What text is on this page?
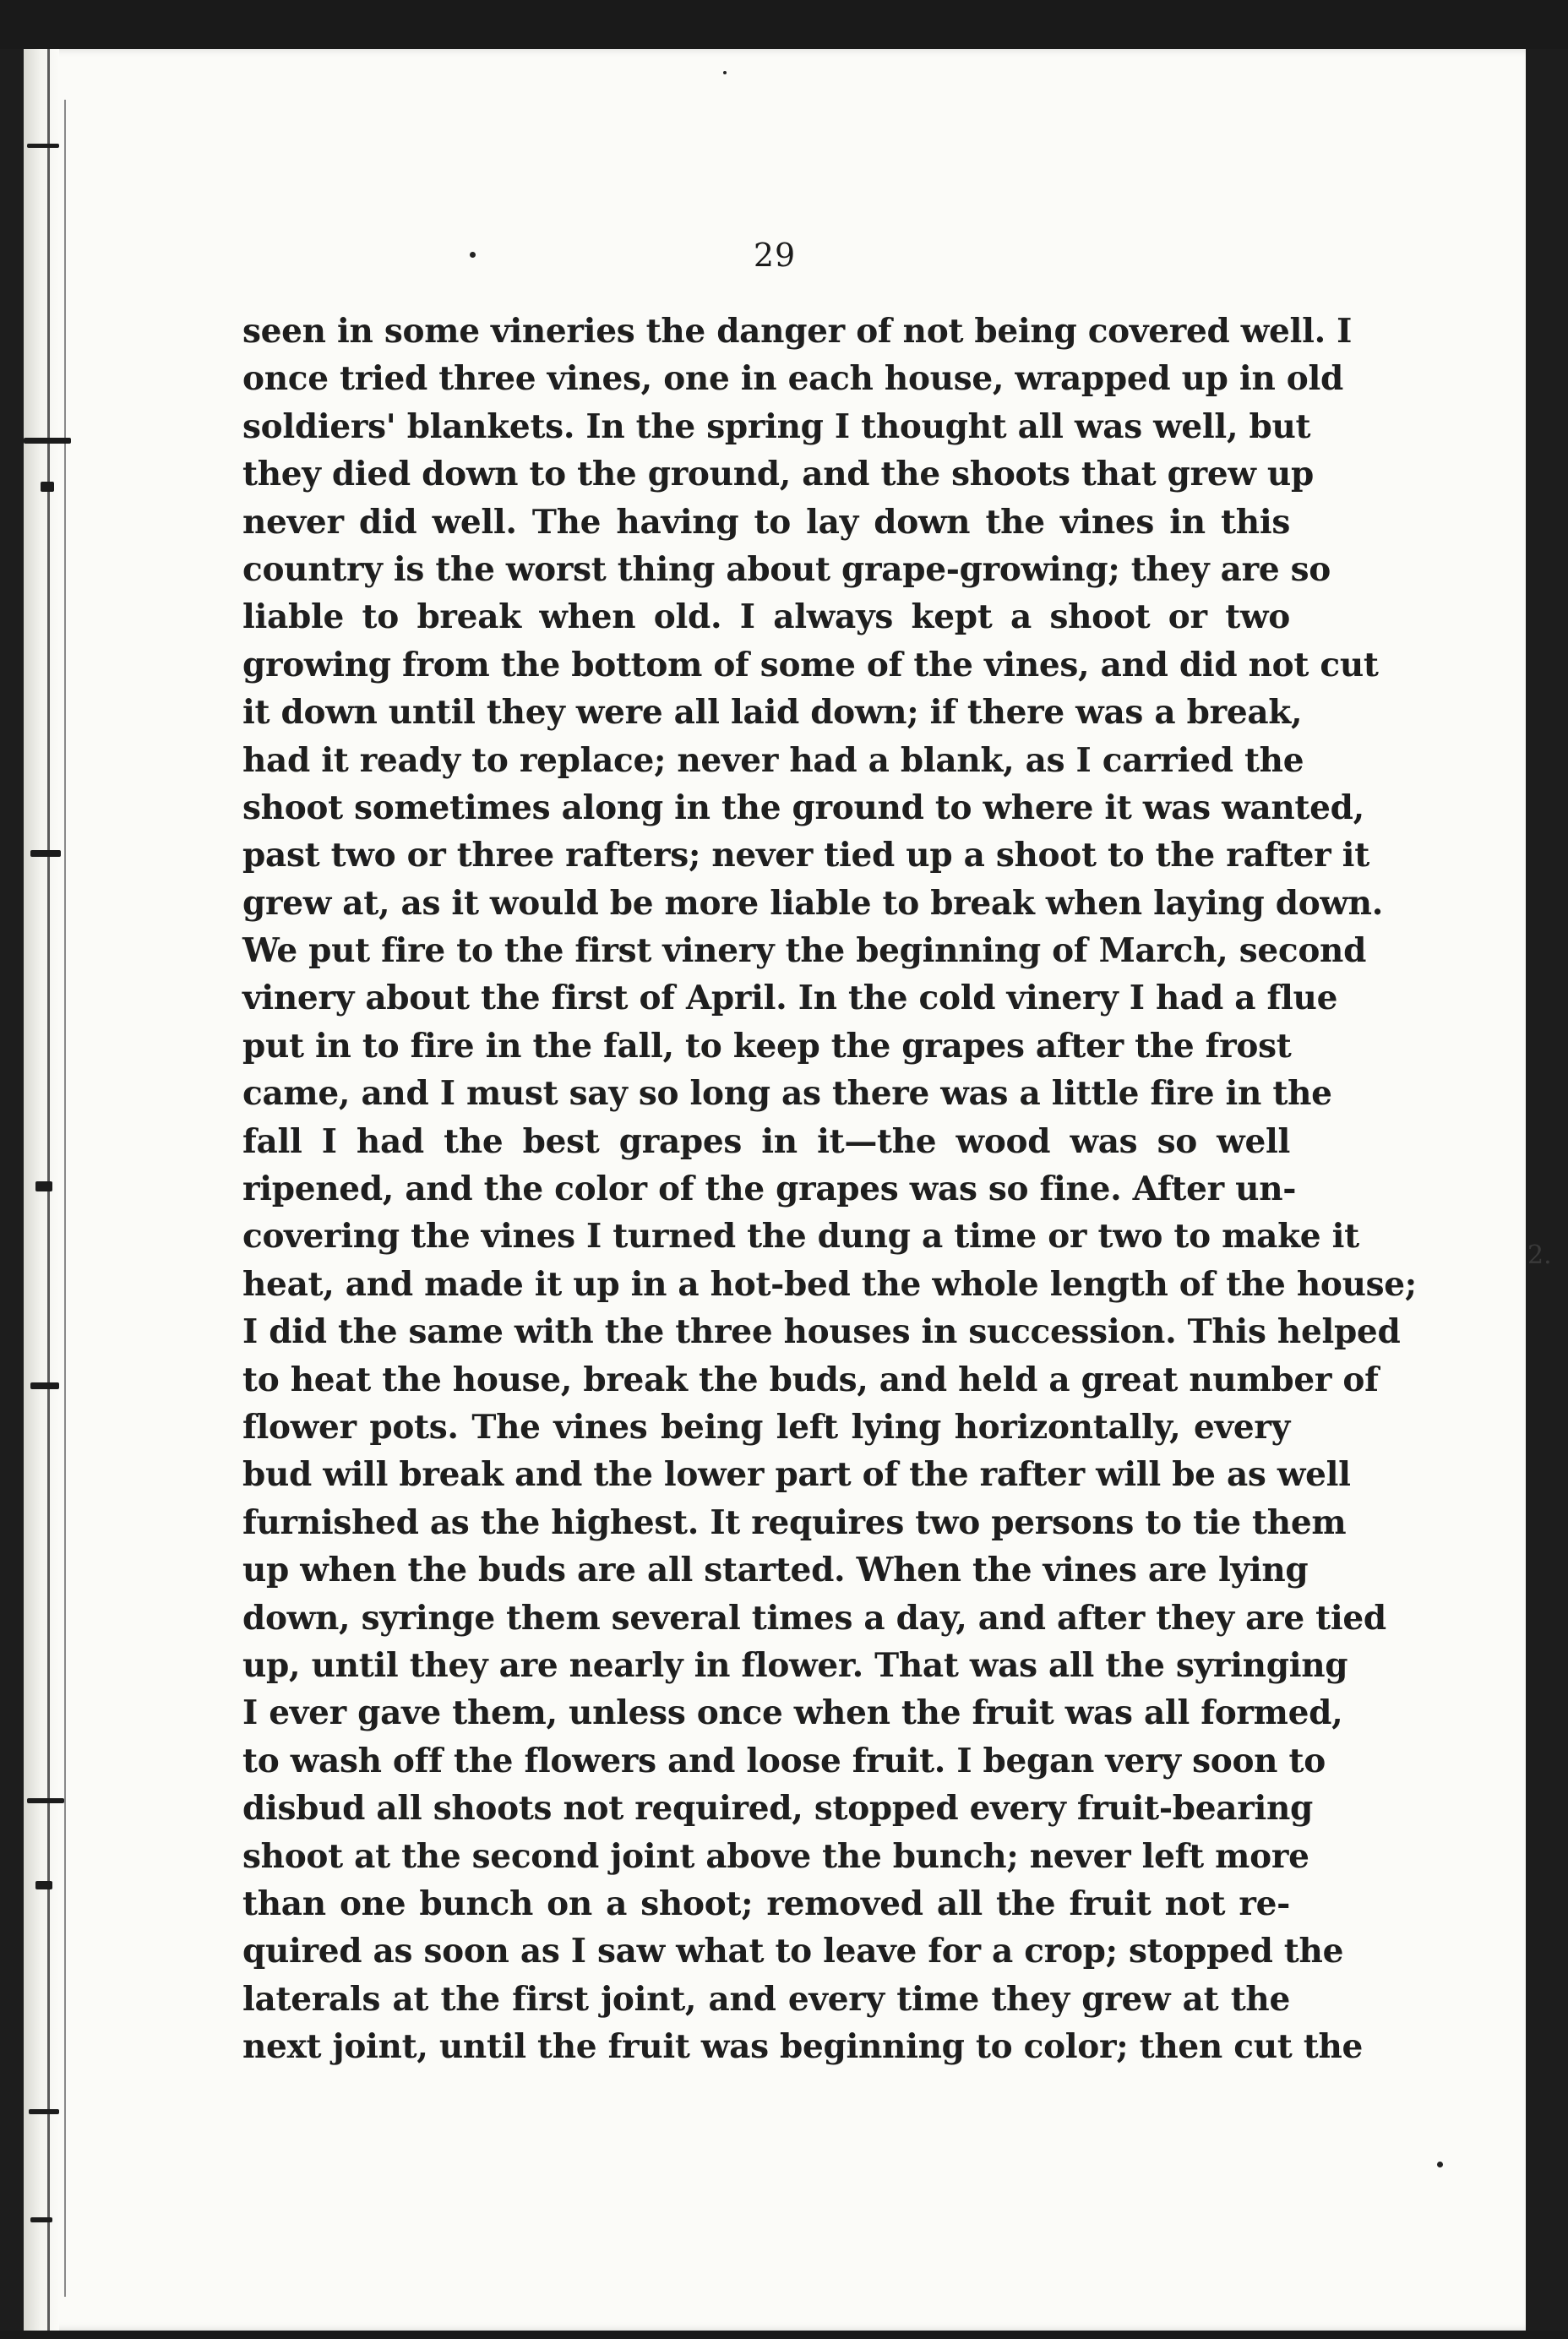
29
2.
seen in some vineries the danger of not being covered well. I
once tried three vines, one in each house, wrapped up in old
soldiers' blankets. In the spring I thought all was well, but
they died down to the ground, and the shoots that grew up
never did well. The having to lay down the vines in this
country is the worst thing about grape-growing; they are so
liable to break when old. I always kept a shoot or two
growing from the bottom of some of the vines, and did not cut
it down until they were all laid down; if there was a break,
had it ready to replace; never had a blank, as I carried the
shoot sometimes along in the ground to where it was wanted,
past two or three rafters; never tied up a shoot to the rafter it
grew at, as it would be more liable to break when laying down.
We put fire to the first vinery the beginning of March, second
vinery about the first of April. In the cold vinery I had a flue
put in to fire in the fall, to keep the grapes after the frost
came, and I must say so long as there was a little fire in the
fall I had the best grapes in it—the wood was so well
ripened, and the color of the grapes was so fine. After un-
covering the vines I turned the dung a time or two to make it
heat, and made it up in a hot-bed the whole length of the house;
I did the same with the three houses in succession. This helped
to heat the house, break the buds, and held a great number of
flower pots. The vines being left lying horizontally, every
bud will break and the lower part of the rafter will be as well
furnished as the highest. It requires two persons to tie them
up when the buds are all started. When the vines are lying
down, syringe them several times a day, and after they are tied
up, until they are nearly in flower. That was all the syringing
I ever gave them, unless once when the fruit was all formed,
to wash off the flowers and loose fruit. I began very soon to
disbud all shoots not required, stopped every fruit-bearing
shoot at the second joint above the bunch; never left more
than one bunch on a shoot; removed all the fruit not re-
quired as soon as I saw what to leave for a crop; stopped the
laterals at the first joint, and every time they grew at the
next joint, until the fruit was beginning to color; then cut the
